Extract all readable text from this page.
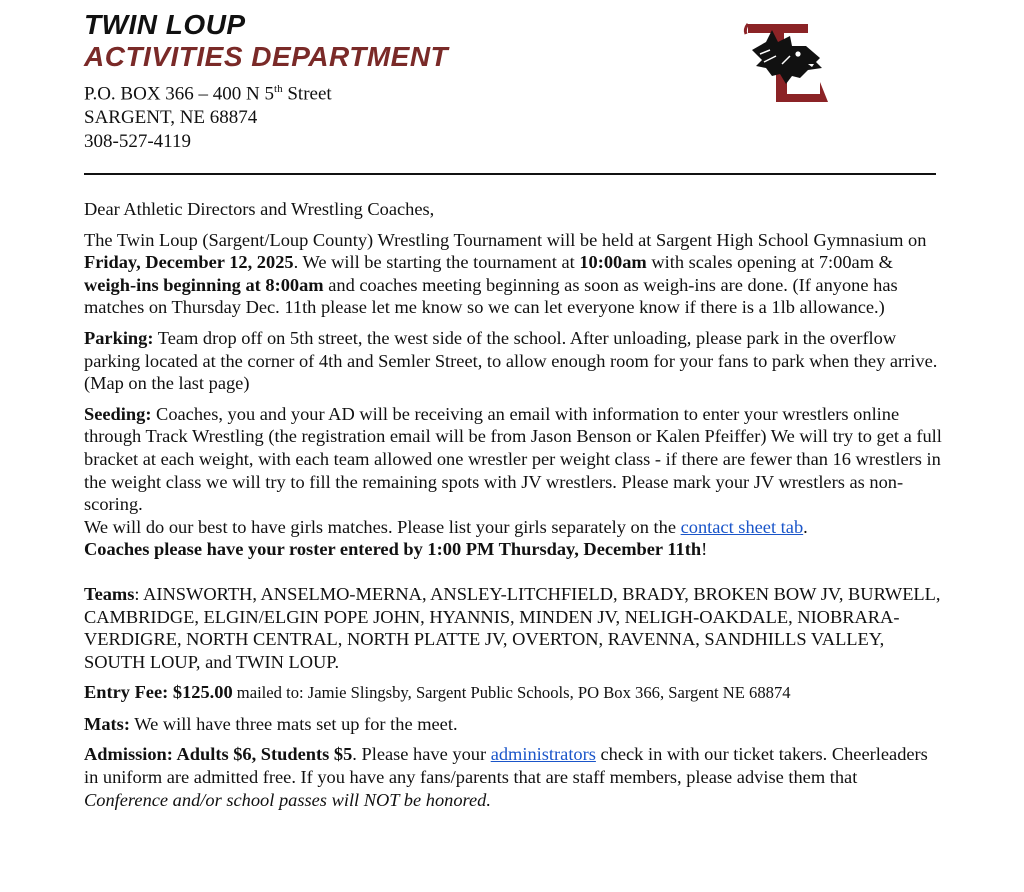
TWIN LOUP
ACTIVITIES DEPARTMENT
P.O. BOX 366 – 400 N 5th Street
SARGENT, NE 68874
308-527-4119

Dear Athletic Directors and Wrestling Coaches,

The Twin Loup (Sargent/Loup County) Wrestling Tournament will be held at Sargent High School Gymnasium on Friday, December 12, 2025. We will be starting the tournament at 10:00am with scales opening at 7:00am & weigh-ins beginning at 8:00am and coaches meeting beginning as soon as weigh-ins are done. (If anyone has matches on Thursday Dec. 11th please let me know so we can let everyone know if there is a 1lb allowance.)

Parking: Team drop off on 5th street, the west side of the school. After unloading, please park in the overflow parking located at the corner of 4th and Semler Street, to allow enough room for your fans to park when they arrive. (Map on the last page)

Seeding: Coaches, you and your AD will be receiving an email with information to enter your wrestlers online through Track Wrestling (the registration email will be from Jason Benson or Kalen Pfeiffer) We will try to get a full bracket at each weight, with each team allowed one wrestler per weight class - if there are fewer than 16 wrestlers in the weight class we will try to fill the remaining spots with JV wrestlers. Please mark your JV wrestlers as non-scoring.
We will do our best to have girls matches. Please list your girls separately on the contact sheet tab.
Coaches please have your roster entered by 1:00 PM Thursday, December 11th!

Teams: AINSWORTH, ANSELMO-MERNA, ANSLEY-LITCHFIELD, BRADY, BROKEN BOW JV, BURWELL, CAMBRIDGE, ELGIN/ELGIN POPE JOHN, HYANNIS, MINDEN JV, NELIGH-OAKDALE, NIOBRARA-VERDIGRE, NORTH CENTRAL, NORTH PLATTE JV, OVERTON, RAVENNA, SANDHILLS VALLEY, SOUTH LOUP, and TWIN LOUP.

Entry Fee: $125.00 mailed to: Jamie Slingsby, Sargent Public Schools, PO Box 366, Sargent NE 68874

Mats: We will have three mats set up for the meet.

Admission: Adults $6, Students $5. Please have your administrators check in with our ticket takers. Cheerleaders in uniform are admitted free. If you have any fans/parents that are staff members, please advise them that Conference and/or school passes will NOT be honored.
